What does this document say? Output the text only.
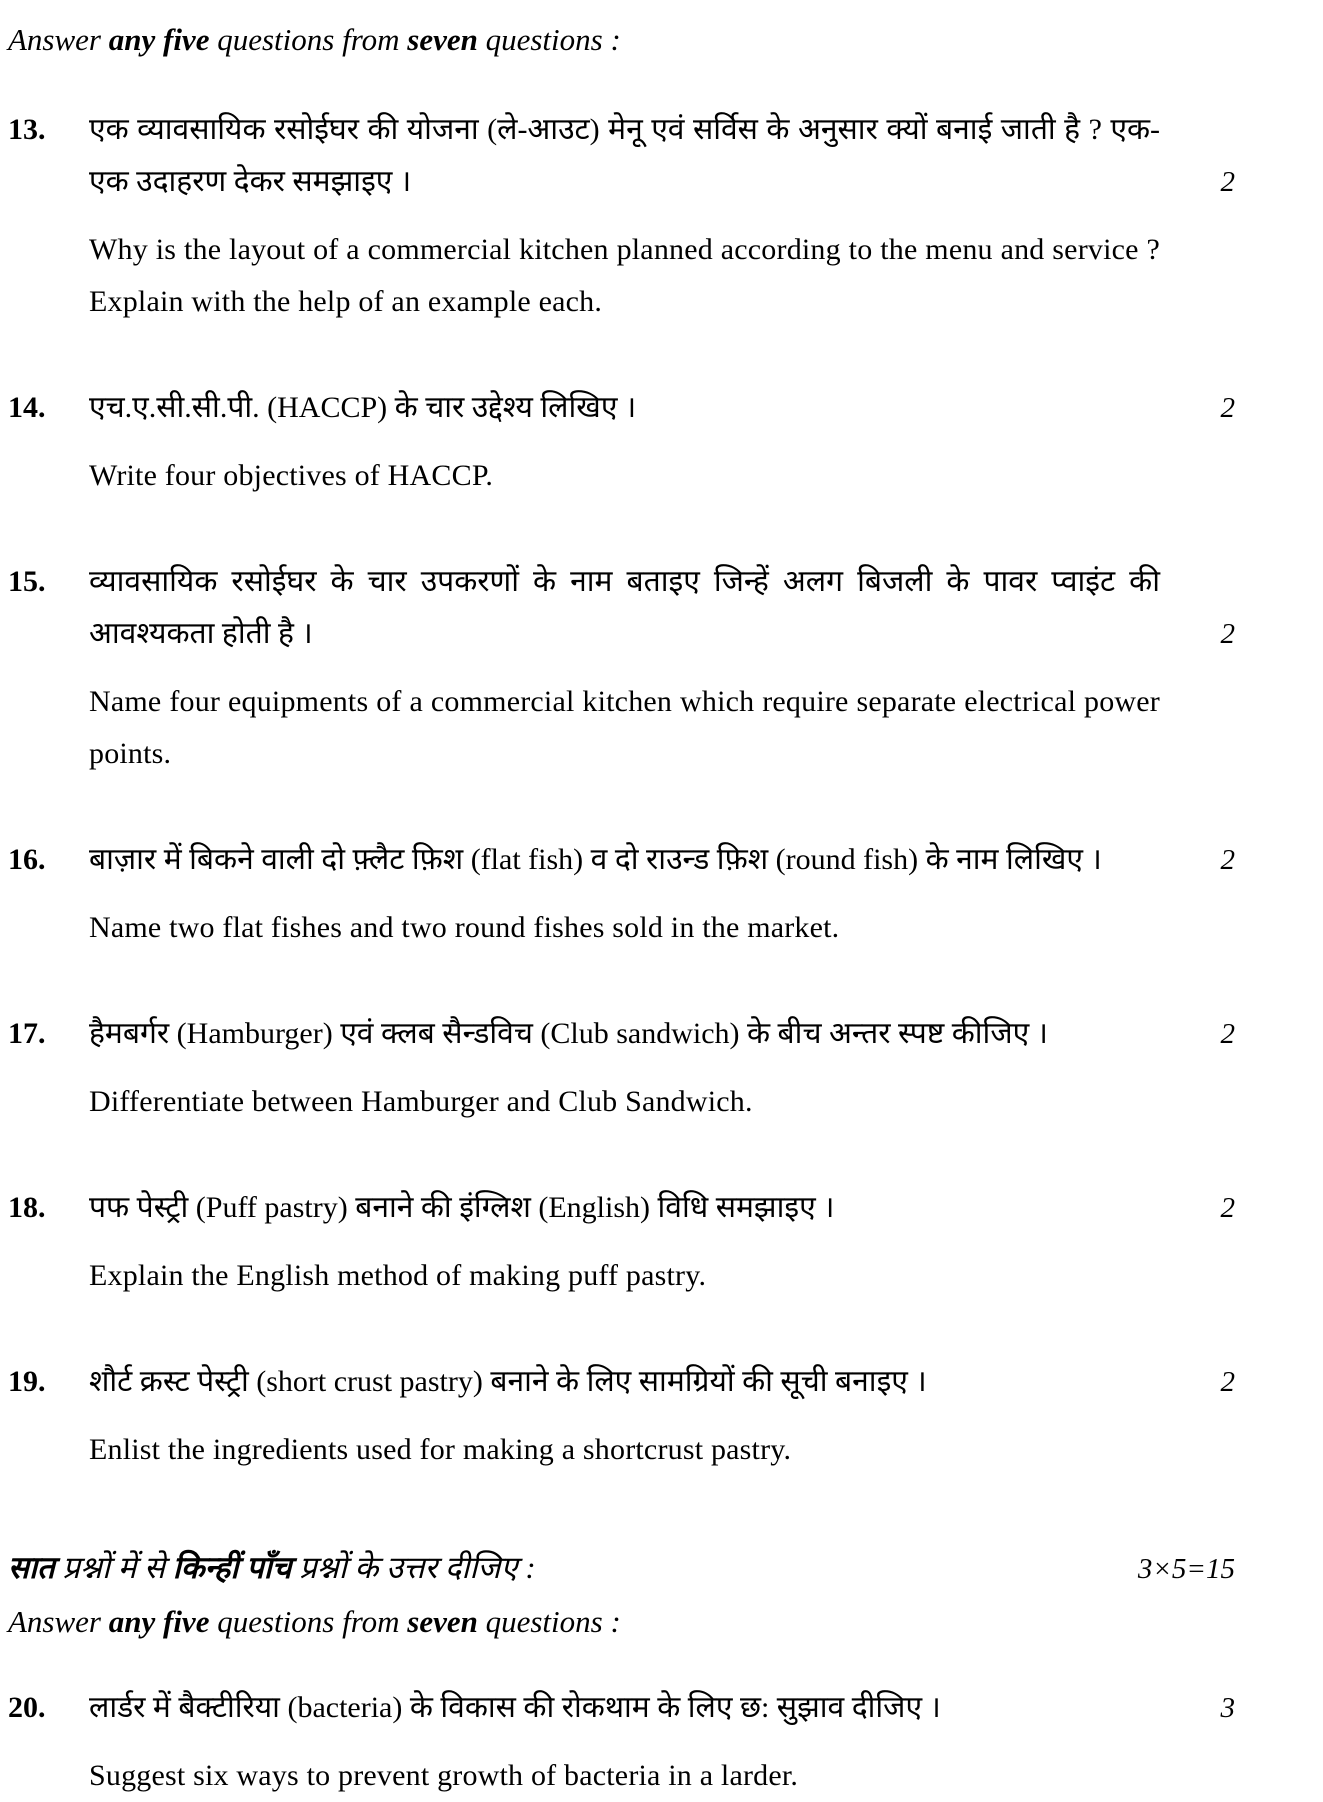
Answer any five questions from seven questions :

13.	एक व्यावसायिक रसोईघर की योजना (ले-आउट) मेनू एवं सर्विस के अनुसार क्यों बनाई जाती है ? एक-एक उदाहरण देकर समझाइए ।	2
Why is the layout of a commercial kitchen planned according to the menu and service ? Explain with the help of an example each.
14.	एच.ए.सी.सी.पी. (HACCP) के चार उद्देश्य लिखिए ।	2
Write four objectives of HACCP.
15.	व्यावसायिक रसोईघर के चार उपकरणों के नाम बताइए जिन्हें अलग बिजली के पावर प्वाइंट की आवश्यकता होती है ।	2
Name four equipments of a commercial kitchen which require separate electrical power points.
16.	बाज़ार में बिकने वाली दो फ़्लैट फ़िश (flat fish) व दो राउन्ड फ़िश (round fish) के नाम लिखिए ।	2
Name two flat fishes and two round fishes sold in the market.
17.	हैमबर्गर (Hamburger) एवं क्लब सैन्डविच (Club sandwich) के बीच अन्तर स्पष्ट कीजिए ।	2
Differentiate between Hamburger and Club Sandwich.
18.	पफ पेस्ट्री (Puff pastry) बनाने की इंग्लिश (English) विधि समझाइए ।	2
Explain the English method of making puff pastry.
19.	शौर्ट क्रस्ट पेस्ट्री (short crust pastry) बनाने के लिए सामग्रियों की सूची बनाइए ।	2
Enlist the ingredients used for making a shortcrust pastry.

सात प्रश्नों में से किन्हीं पाँच प्रश्नों के उत्तर दीजिए :	3×5=15

Answer any five questions from seven questions :

20.	लार्डर में बैक्टीरिया (bacteria) के विकास की रोकथाम के लिए छ: सुझाव दीजिए ।	3
Suggest six ways to prevent growth of bacteria in a larder.
